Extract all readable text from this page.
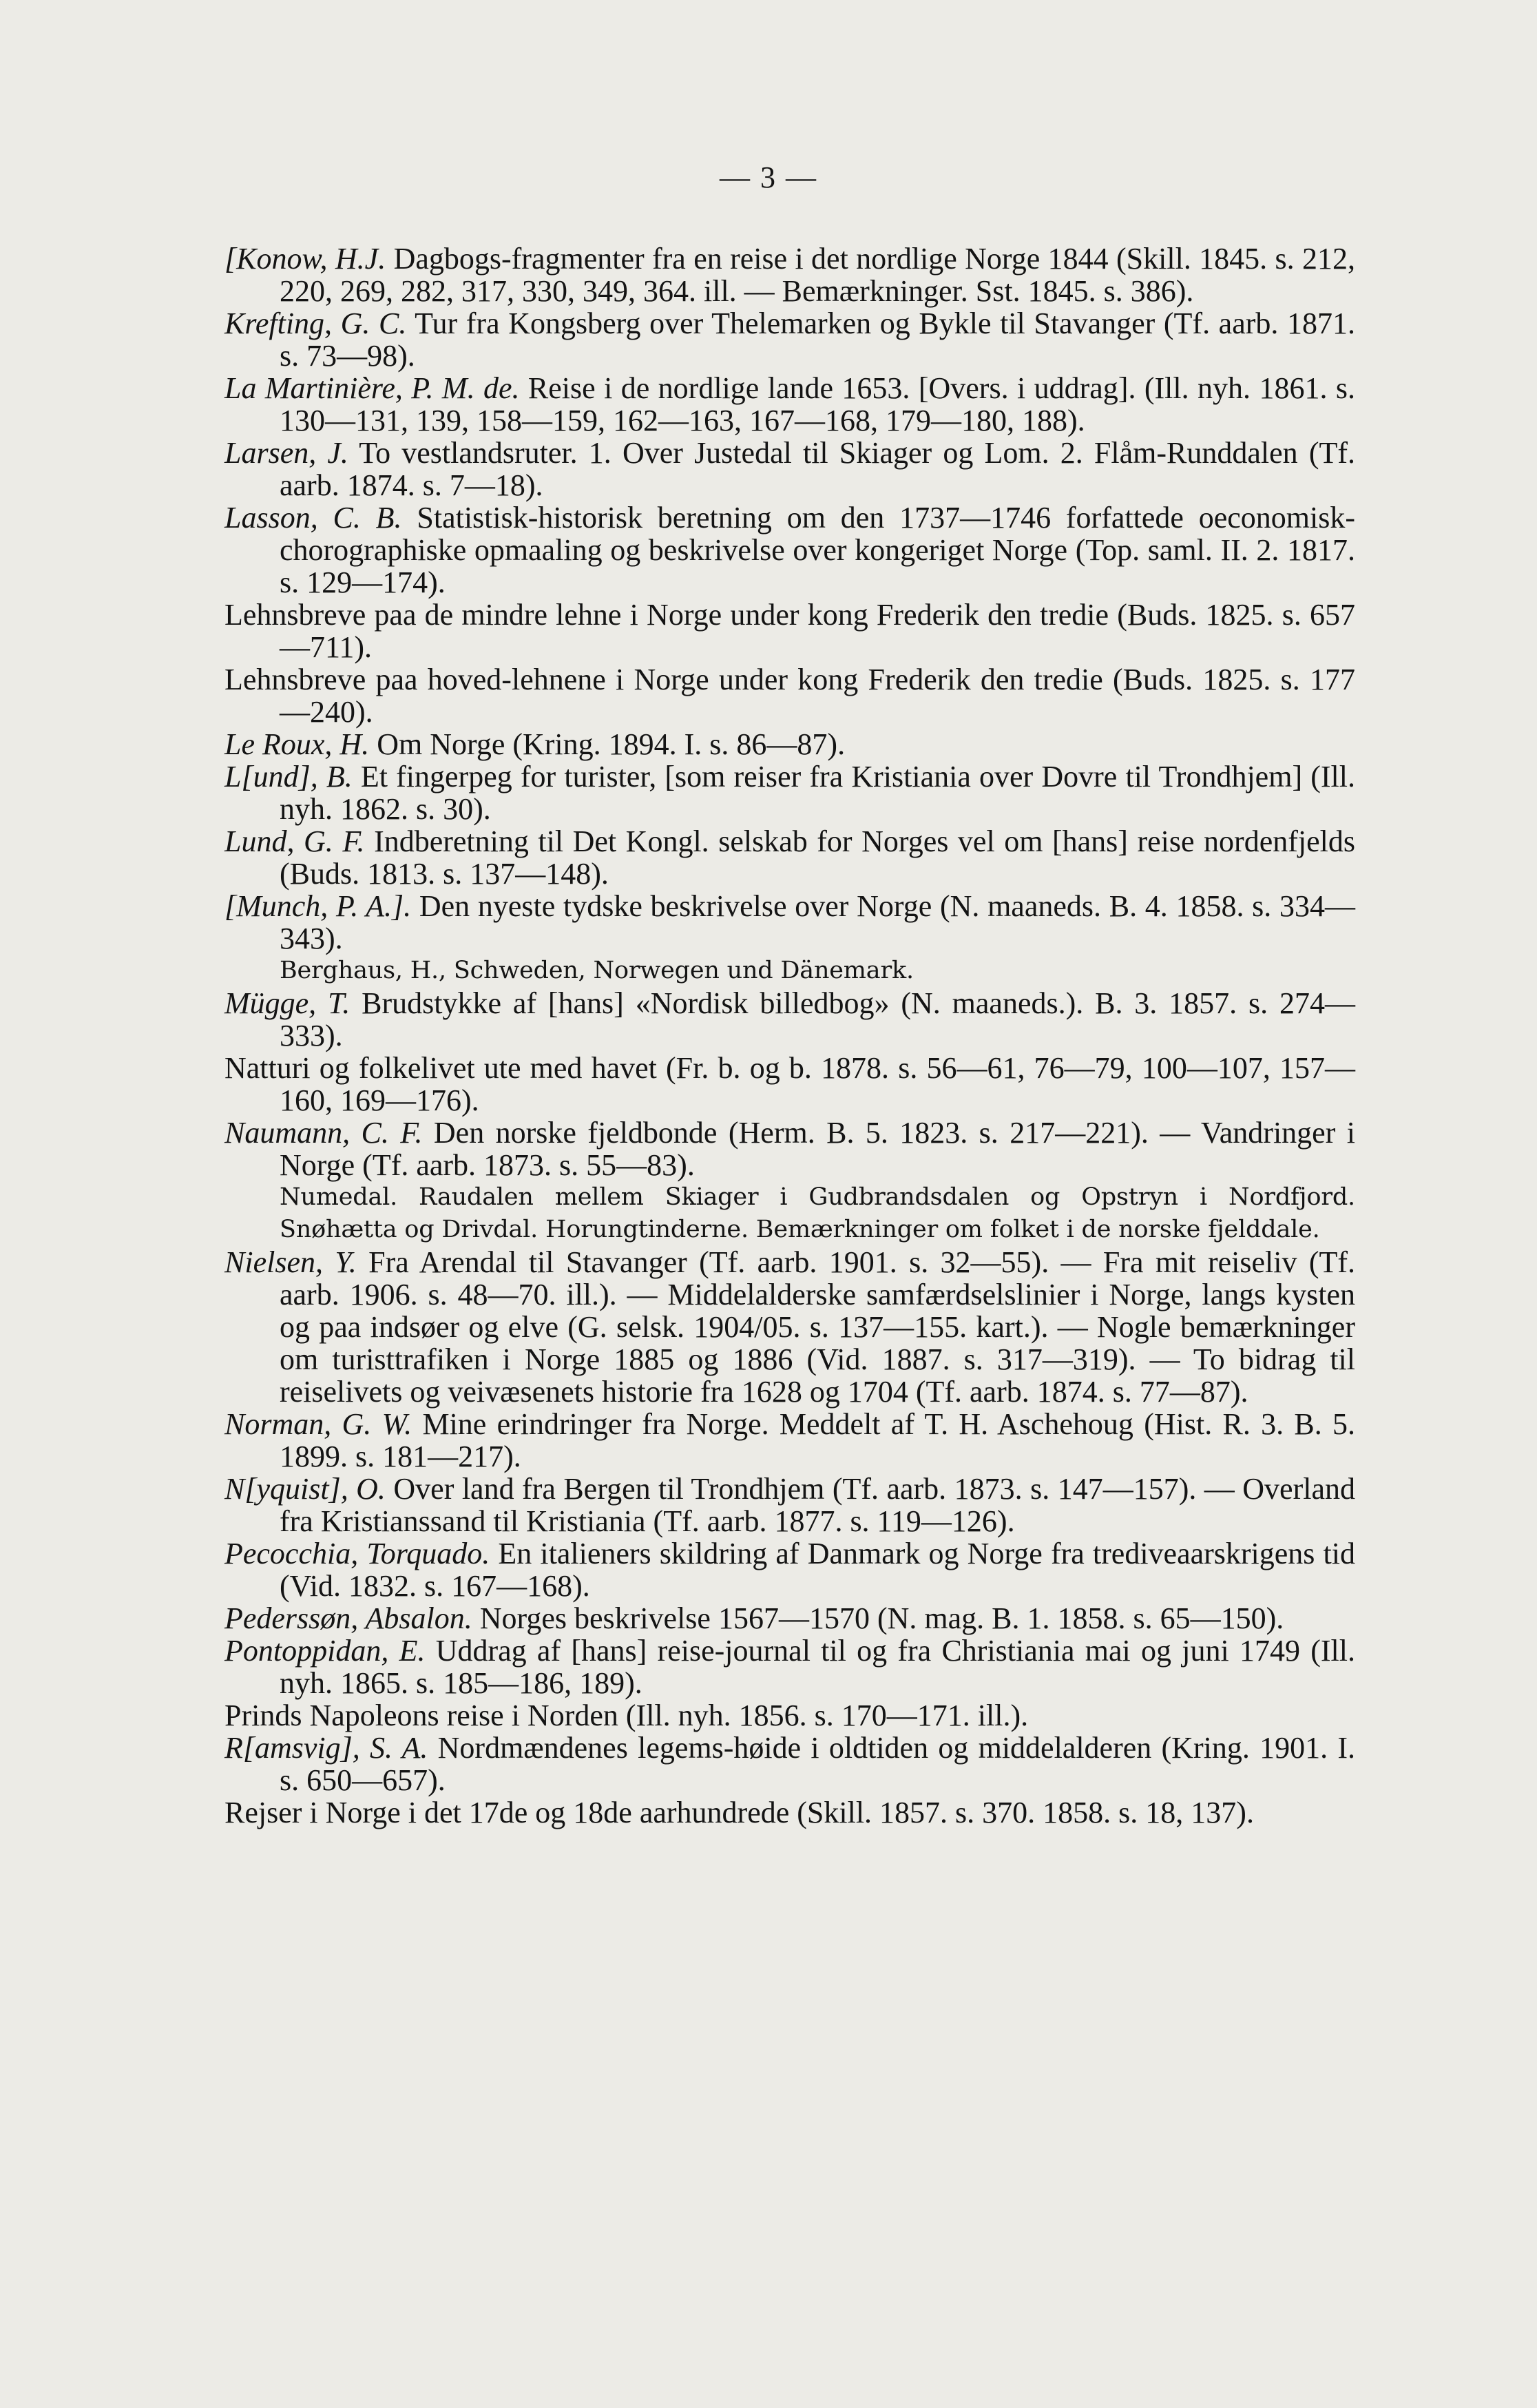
— 3 —

[Konow, H.J. Dagbogs-fragmenter fra en reise i det nordlige Norge 1844 (Skill. 1845. s. 212, 220, 269, 282, 317, 330, 349, 364. ill. — Bemærkninger. Sst. 1845. s. 386).

Krefting, G. C. Tur fra Kongsberg over Thelemarken og Bykle til Stavanger (Tf. aarb. 1871. s. 73—98).

La Martinière, P. M. de. Reise i de nordlige lande 1653. [Overs. i uddrag]. (Ill. nyh. 1861. s. 130—131, 139, 158—159, 162—163, 167—168, 179—180, 188).

Larsen, J. To vestlandsruter. 1. Over Justedal til Skiager og Lom. 2. Flåm-Runddalen (Tf. aarb. 1874. s. 7—18).

Lasson, C. B. Statistisk-historisk beretning om den 1737—1746 forfattede oeconomisk-chorographiske opmaaling og beskrivelse over kongeriget Norge (Top. saml. II. 2. 1817. s. 129—174).

Lehnsbreve paa de mindre lehne i Norge under kong Frederik den tredie (Buds. 1825. s. 657—711).

Lehnsbreve paa hoved-lehnene i Norge under kong Frederik den tredie (Buds. 1825. s. 177—240).

Le Roux, H. Om Norge (Kring. 1894. I. s. 86—87).

L[und], B. Et fingerpeg for turister, [som reiser fra Kristiania over Dovre til Trondhjem] (Ill. nyh. 1862. s. 30).

Lund, G. F. Indberetning til Det Kongl. selskab for Norges vel om [hans] reise nordenfjelds (Buds. 1813. s. 137—148).

[Munch, P. A.]. Den nyeste tydske beskrivelse over Norge (N. maaneds. B. 4. 1858. s. 334—343).

Berghaus, H., Schweden, Norwegen und Dänemark.

Mügge, T. Brudstykke af [hans] «Nordisk billedbog» (N. maaneds.). B. 3. 1857. s. 274—333).

Natturi og folkelivet ute med havet (Fr. b. og b. 1878. s. 56—61, 76—79, 100—107, 157—160, 169—176).

Naumann, C. F. Den norske fjeldbonde (Herm. B. 5. 1823. s. 217—221). — Vandringer i Norge (Tf. aarb. 1873. s. 55—83).

Numedal. Raudalen mellem Skiager i Gudbrandsdalen og Opstryn i Nordfjord. Snøhætta og Drivdal. Horungtinderne. Bemærkninger om folket i de norske fjelddale.

Nielsen, Y. Fra Arendal til Stavanger (Tf. aarb. 1901. s. 32—55). — Fra mit reiseliv (Tf. aarb. 1906. s. 48—70. ill.). — Middelalderske samfærdselslinier i Norge, langs kysten og paa indsøer og elve (G. selsk. 1904/05. s. 137—155. kart.). — Nogle bemærkninger om turisttrafiken i Norge 1885 og 1886 (Vid. 1887. s. 317—319). — To bidrag til reiselivets og veivæsenets historie fra 1628 og 1704 (Tf. aarb. 1874. s. 77—87).

Norman, G. W. Mine erindringer fra Norge. Meddelt af T. H. Aschehoug (Hist. R. 3. B. 5. 1899. s. 181—217).

N[yquist], O. Over land fra Bergen til Trondhjem (Tf. aarb. 1873. s. 147—157). — Overland fra Kristianssand til Kristiania (Tf. aarb. 1877. s. 119—126).

Pecocchia, Torquado. En italieners skildring af Danmark og Norge fra trediveaarskrigens tid (Vid. 1832. s. 167—168).

Pederssøn, Absalon. Norges beskrivelse 1567—1570 (N. mag. B. 1. 1858. s. 65—150).

Pontoppidan, E. Uddrag af [hans] reise-journal til og fra Christiania mai og juni 1749 (Ill. nyh. 1865. s. 185—186, 189).

Prinds Napoleons reise i Norden (Ill. nyh. 1856. s. 170—171. ill.).

R[amsvig], S. A. Nordmændenes legems-høide i oldtiden og middelalderen (Kring. 1901. I. s. 650—657).

Rejser i Norge i det 17de og 18de aarhundrede (Skill. 1857. s. 370. 1858. s. 18, 137).
